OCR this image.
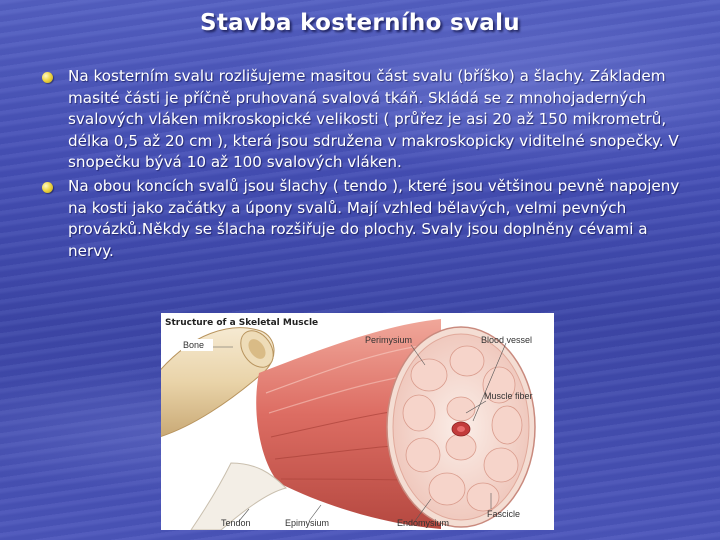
Stavba kosterního svalu
Na kosterním svalu rozlišujeme masitou část svalu (bříško) a šlachy. Základem masité části je příčně pruhovaná svalová tkáň. Skládá se z mnohojaderných svalových vláken mikroskopické velikosti ( průřez je asi 20 až 150 mikrometrů, délka 0,5 až 20 cm ), která jsou sdružena v makroskopicky viditelné snopečky. V snopečku bývá 10 až 100 svalových vláken.
Na obou koncích svalů jsou šlachy ( tendo ), které jsou většinou pevně napojeny na kosti jako začátky a úpony svalů. Mají vzhled bělavých, velmi pevných provázků.Někdy se šlacha rozšiřuje do plochy. Svaly jsou doplněny cévami a nervy.
Structure of a Skeletal Muscle
Bone	Perimysium	Blood vessel
Muscle fiber
Fascicle
Tendon	Epimysium	Endomysium
